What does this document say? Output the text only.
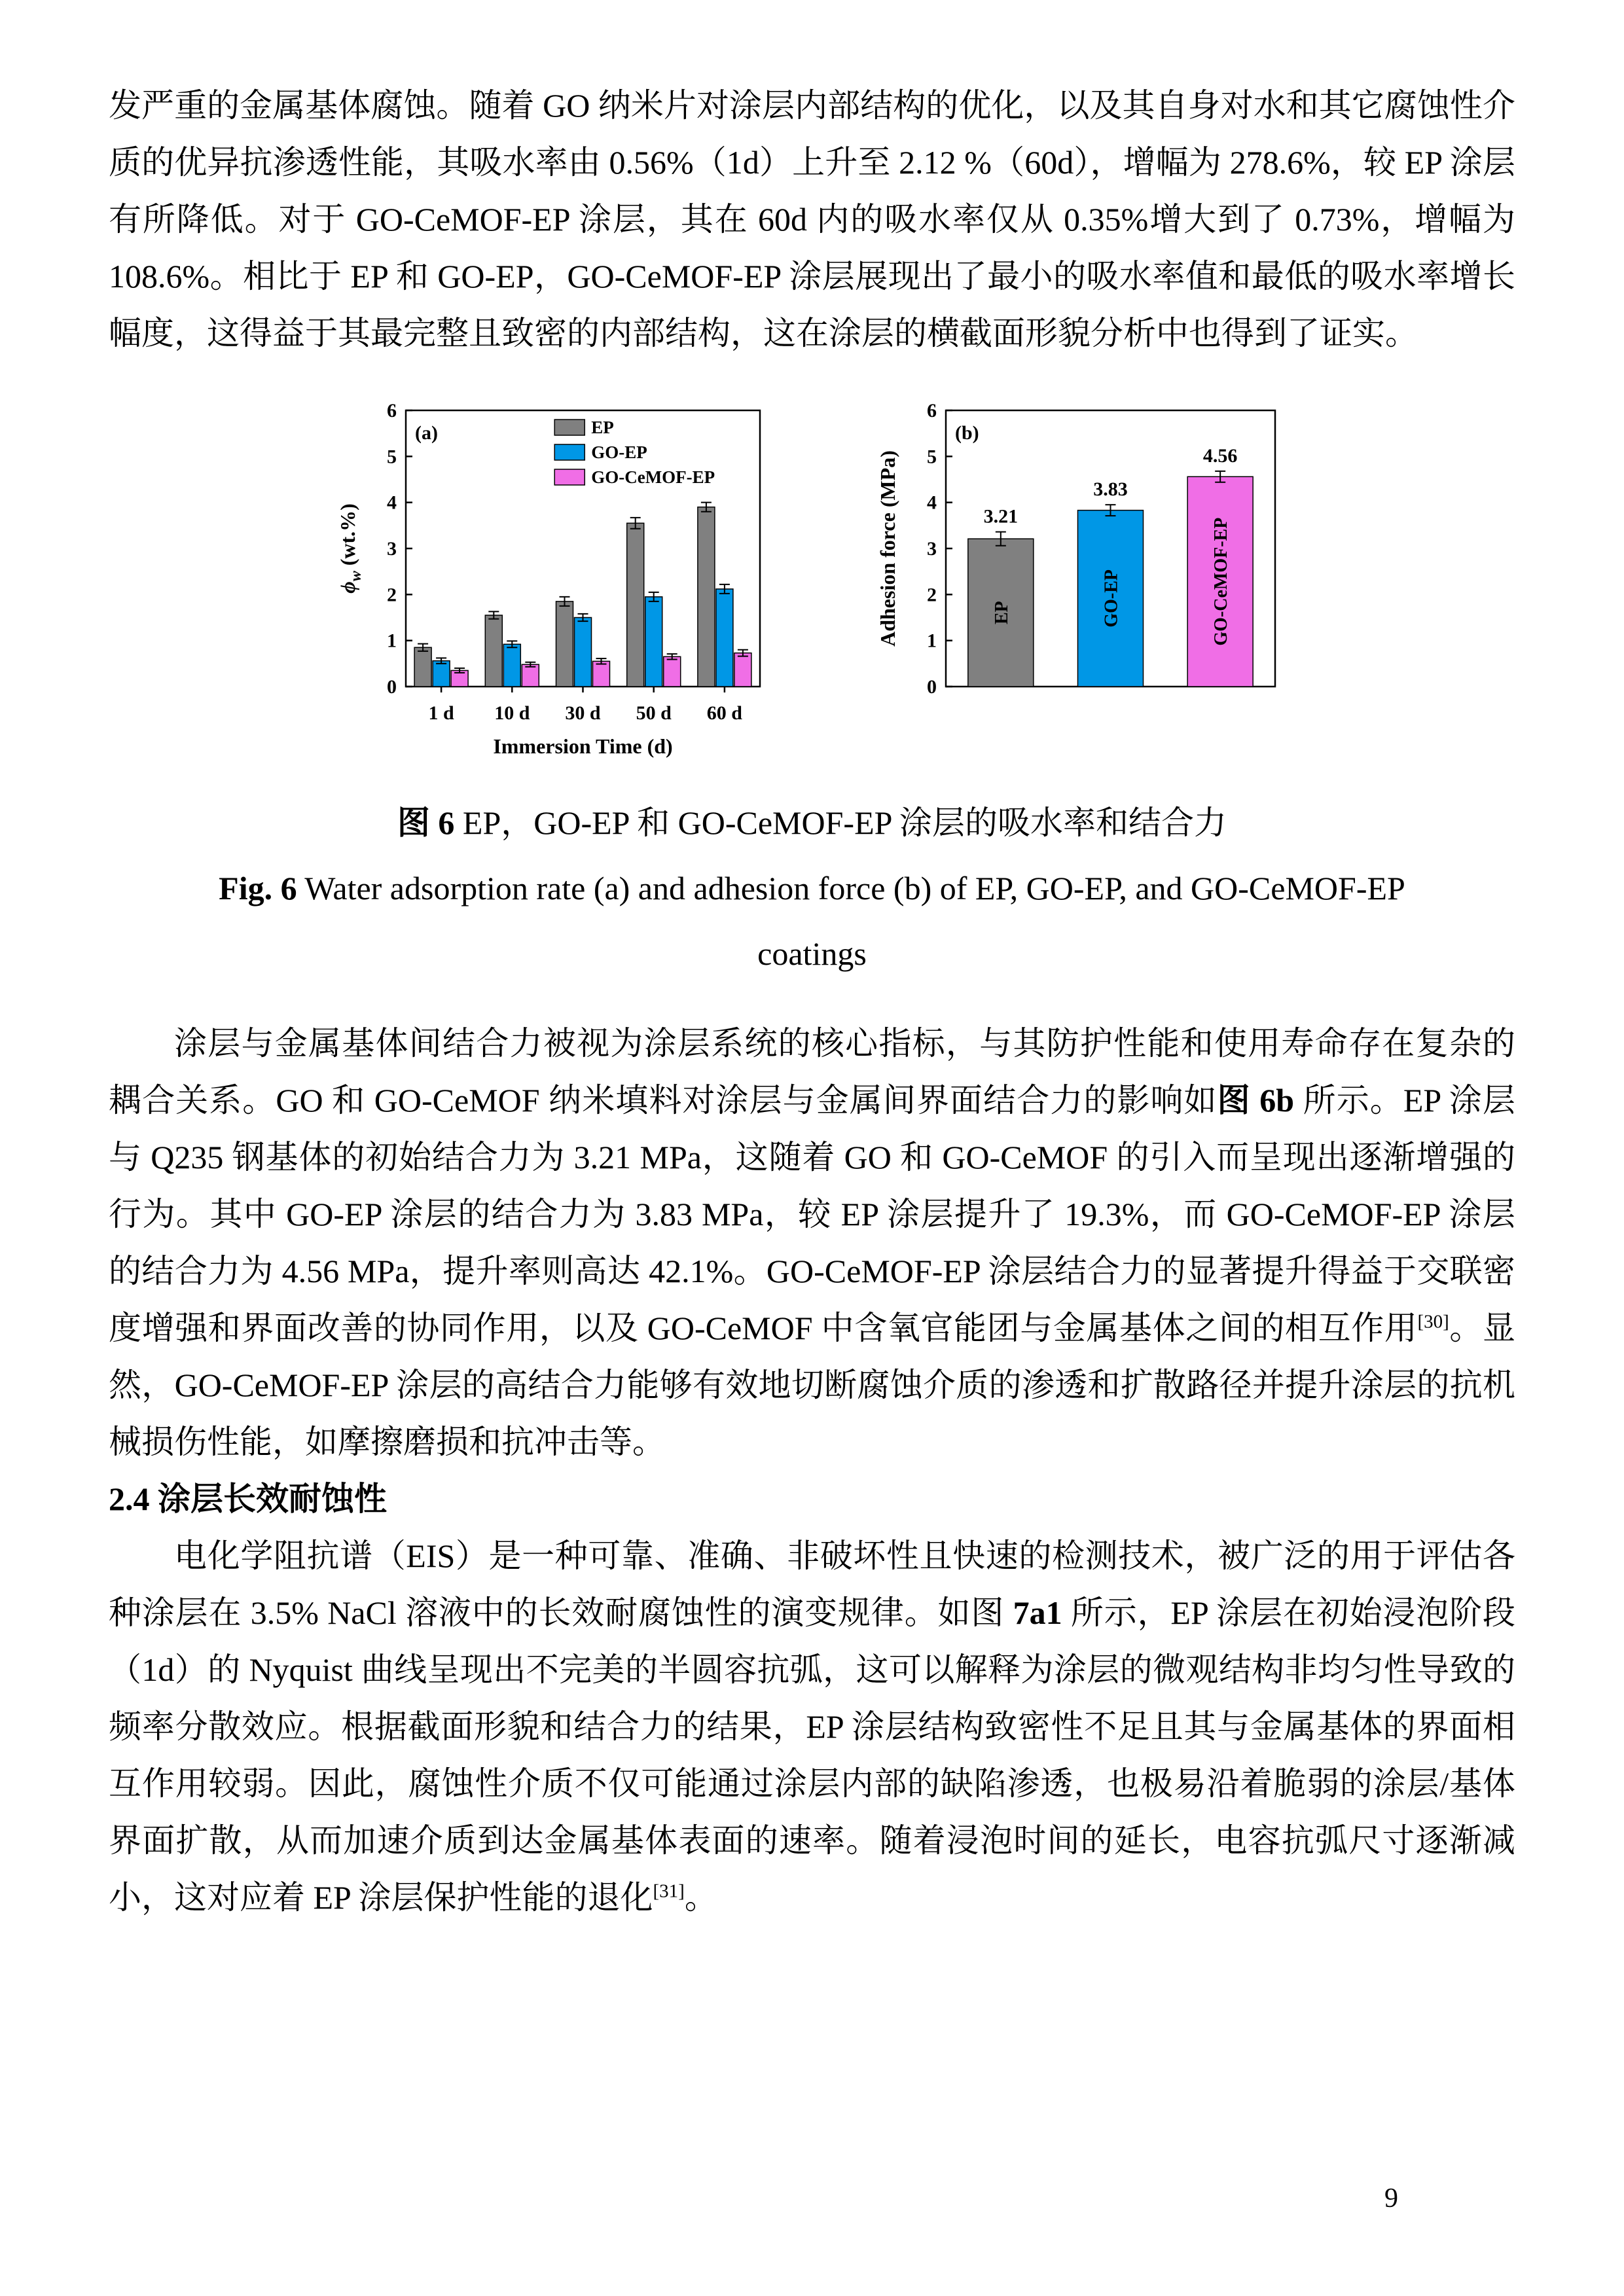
发严重的金属基体腐蚀。随着 GO 纳米片对涂层内部结构的优化，以及其自身对水和其它腐蚀性介质的优异抗渗透性能，其吸水率由 0.56%（1d）上升至 2.12 %（60d），增幅为 278.6%，较 EP 涂层有所降低。对于 GO-CeMOF-EP 涂层，其在 60d 内的吸水率仅从 0.35%增大到了 0.73%，增幅为 108.6%。相比于 EP 和 GO-EP，GO-CeMOF-EP 涂层展现出了最小的吸水率值和最低的吸水率增长幅度，这得益于其最完整且致密的内部结构，这在涂层的横截面形貌分析中也得到了证实。

0
1
2
3
4
5
6
1 d 10 d 30 d 50 d 60 d
Immersion Time (d)
$\phi_w$ (wt.%)
(a)	EP
GO-EP
GO-CeMOF-EP
0
1
2
3
4
5
6
3.21
EP
3.83
GO-EP
4.56
GO-CeMOF-EP
Adhesion force (MPa)
(b)

图 6 EP，GO-EP 和 GO-CeMOF-EP 涂层的吸水率和结合力

Fig. 6 Water adsorption rate (a) and adhesion force (b) of EP, GO-EP, and GO-CeMOF-EP

coatings

涂层与金属基体间结合力被视为涂层系统的核心指标，与其防护性能和使用寿命存在复杂的耦合关系。GO 和 GO-CeMOF 纳米填料对涂层与金属间界面结合力的影响如图 6b 所示。EP 涂层与 Q235 钢基体的初始结合力为 3.21 MPa，这随着 GO 和 GO-CeMOF 的引入而呈现出逐渐增强的行为。其中 GO-EP 涂层的结合力为 3.83 MPa，较 EP 涂层提升了 19.3%，而 GO-CeMOF-EP 涂层的结合力为 4.56 MPa，提升率则高达 42.1%。GO-CeMOF-EP 涂层结合力的显著提升得益于交联密度增强和界面改善的协同作用，以及 GO-CeMOF 中含氧官能团与金属基体之间的相互作用[30]。显然，GO-CeMOF-EP 涂层的高结合力能够有效地切断腐蚀介质的渗透和扩散路径并提升涂层的抗机械损伤性能，如摩擦磨损和抗冲击等。

2.4 涂层长效耐蚀性

电化学阻抗谱（EIS）是一种可靠、准确、非破坏性且快速的检测技术，被广泛的用于评估各种涂层在 3.5% NaCl 溶液中的长效耐腐蚀性的演变规律。如图 7a1 所示，EP 涂层在初始浸泡阶段（1d）的 Nyquist 曲线呈现出不完美的半圆容抗弧，这可以解释为涂层的微观结构非均匀性导致的频率分散效应。根据截面形貌和结合力的结果，EP 涂层结构致密性不足且其与金属基体的界面相互作用较弱。因此，腐蚀性介质不仅可能通过涂层内部的缺陷渗透，也极易沿着脆弱的涂层/基体界面扩散，从而加速介质到达金属基体表面的速率。随着浸泡时间的延长，电容抗弧尺寸逐渐减小，这对应着 EP 涂层保护性能的退化[31]。

9
